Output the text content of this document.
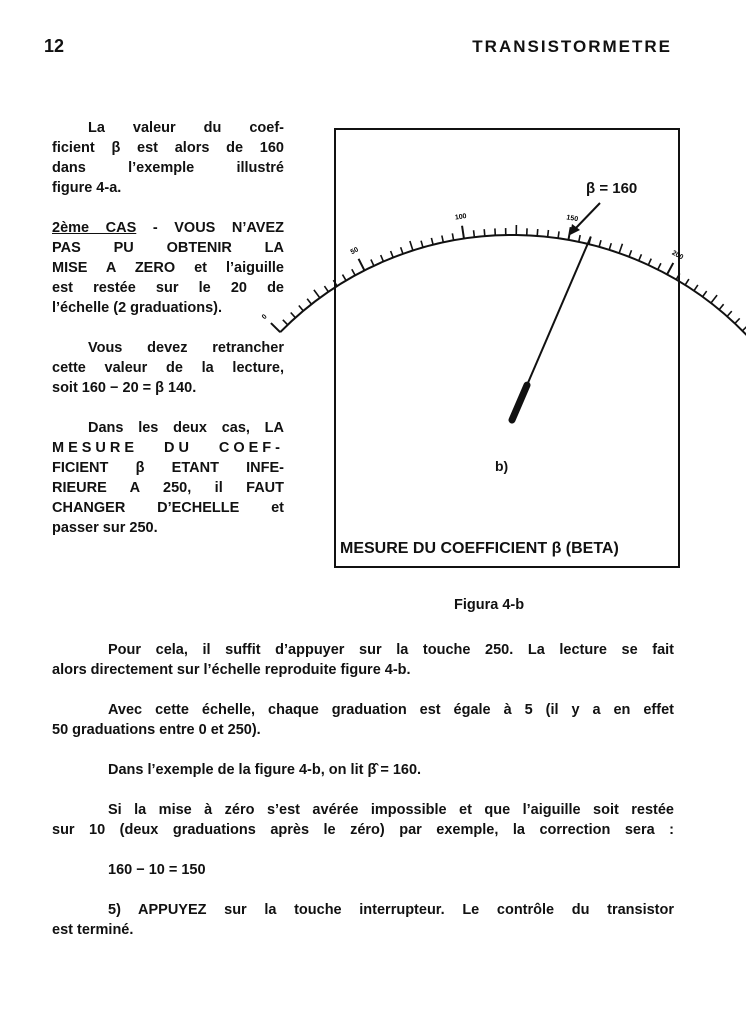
12	TRANSISTORMETRE

La valeur du coef-

ficient β est alors de 160

dans l’exemple illustré

figure 4-a.

2ème CAS - VOUS N’AVEZ

PAS PU OBTENIR LA

MISE A ZERO et l’aiguille

est restée sur le 20 de

l’échelle (2 graduations).

Vous devez retrancher

cette valeur de la lecture,

soit 160 − 20 = β 140.

Dans les deux cas, LA

MESURE DU COEF-

FICIENT β ETANT INFE-

RIEURE A 250, il FAUT

CHANGER D’ECHELLE et

passer sur 250.

0
50
100	150
200
β = 160
b)
MESURE DU COEFFICIENT β (BETA)
Figura 4-b

Pour cela, il suffit d’appuyer sur la touche 250. La lecture se fait

alors directement sur l’échelle reproduite figure 4-b.

Avec cette échelle, chaque graduation est égale à 5 (il y a en effet

50 graduations entre 0 et 250).

Dans l’exemple de la figure 4-b, on lit β̂ = 160.

Si la mise à zéro s’est avérée impossible et que l’aiguille soit restée

sur 10 (deux graduations après le zéro) par exemple, la correction sera :

160 − 10 = 150

5) APPUYEZ sur la touche interrupteur. Le contrôle du transistor

est terminé.
